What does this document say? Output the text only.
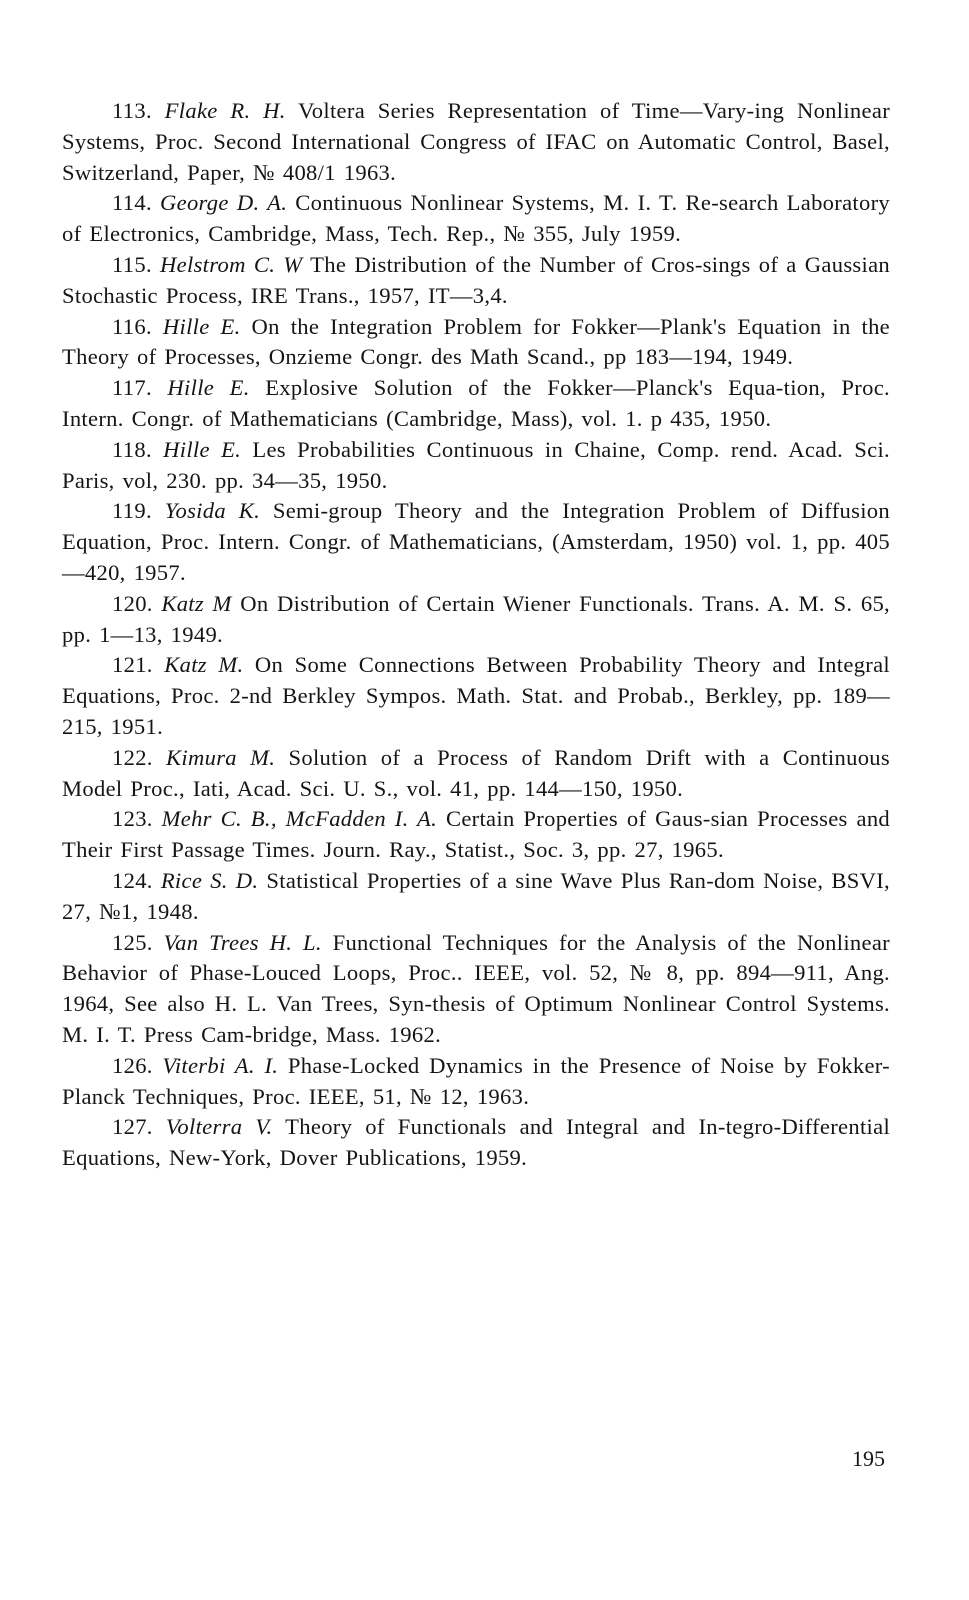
113. Flake R. H. Voltera Series Representation of Time—Vary-ing Nonlinear Systems, Proc. Second International Congress of IFAC on Automatic Control, Basel, Switzerland, Paper, № 408/1 1963.

114. George D. A. Continuous Nonlinear Systems, M. I. T. Re-search Laboratory of Electronics, Cambridge, Mass, Tech. Rep., № 355, July 1959.

115. Helstrom C. W The Distribution of the Number of Cros-sings of a Gaussian Stochastic Process, IRE Trans., 1957, IT—3,4.

116. Hille E. On the Integration Problem for Fokker—Plank's Equation in the Theory of Processes, Onzieme Congr. des Math Scand., pp 183—194, 1949.

117. Hille E. Explosive Solution of the Fokker—Planck's Equa-tion, Proc. Intern. Congr. of Mathematicians (Cambridge, Mass), vol. 1. p 435, 1950.

118. Hille E. Les Probabilities Continuous in Chaine, Comp. rend. Acad. Sci. Paris, vol, 230. pp. 34—35, 1950.

119. Yosida K. Semi-group Theory and the Integration Problem of Diffusion Equation, Proc. Intern. Congr. of Mathematicians, (Amsterdam, 1950) vol. 1, pp. 405—420, 1957.

120. Katz M On Distribution of Certain Wiener Functionals. Trans. A. M. S. 65, pp. 1—13, 1949.

121. Katz M. On Some Connections Between Probability Theory and Integral Equations, Proc. 2-nd Berkley Sympos. Math. Stat. and Probab., Berkley, pp. 189—215, 1951.

122. Kimura M. Solution of a Process of Random Drift with a Continuous Model Proc., Iati, Acad. Sci. U. S., vol. 41, pp. 144—150, 1950.

123. Mehr C. B., McFadden I. A. Certain Properties of Gaus-sian Processes and Their First Passage Times. Journ. Ray., Statist., Soc. 3, pp. 27, 1965.

124. Rice S. D. Statistical Properties of a sine Wave Plus Ran-dom Noise, BSVI, 27, №1, 1948.

125. Van Trees H. L. Functional Techniques for the Analysis of the Nonlinear Behavior of Phase-Louced Loops, Proc.. IEEE, vol. 52, № 8, pp. 894—911, Ang. 1964, See also H. L. Van Trees, Syn-thesis of Optimum Nonlinear Control Systems. M. I. T. Press Cam-bridge, Mass. 1962.

126. Viterbi A. I. Phase-Locked Dynamics in the Presence of Noise by Fokker-Planck Techniques, Proc. IEEE, 51, № 12, 1963.

127. Volterra V. Theory of Functionals and Integral and In-tegro-Differential Equations, New-York, Dover Publications, 1959.

195
